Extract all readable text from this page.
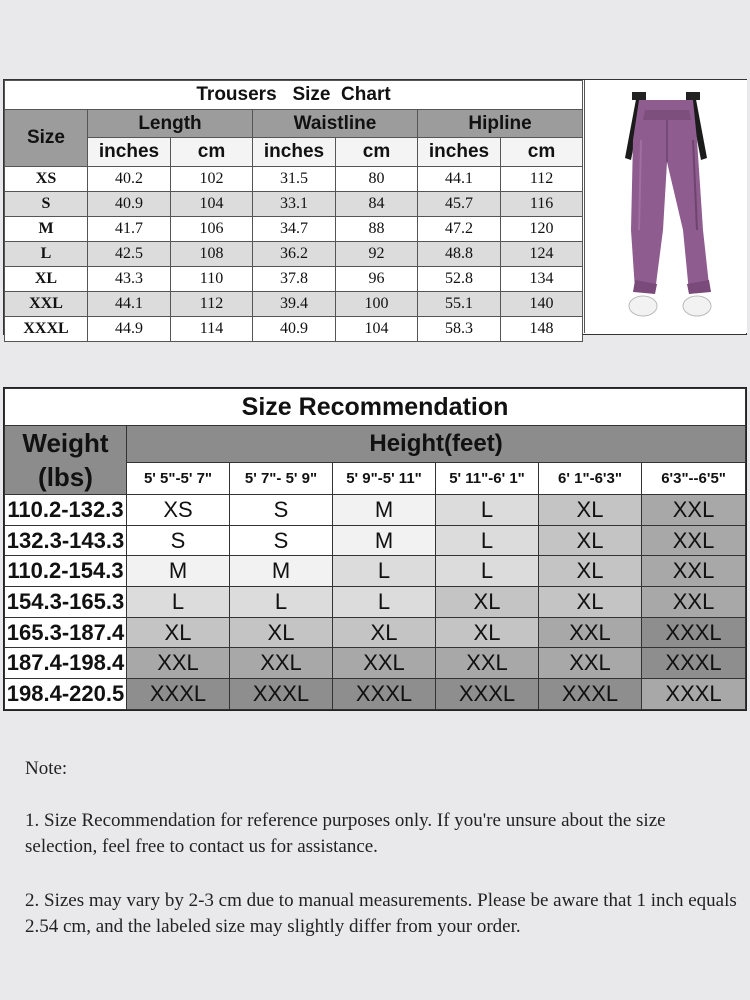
Trousers   Size  Chart						
Size	Length		Waistline		Hipline	
	inches	cm	inches	cm	inches	cm
XS	40.2	102	31.5	80	44.1	112
S	40.9	104	33.1	84	45.7	116
M	41.7	106	34.7	88	47.2	120
L	42.5	108	36.2	92	48.8	124
XL	43.3	110	37.8	96	52.8	134
XXL	44.1	112	39.4	100	55.1	140
XXXL	44.9	114	40.9	104	58.3	148
Size Recommendation						

Weight
(lbs)	Height(feet)					
	5' 5"-5' 7"	5' 7"- 5' 9"	5' 9"-5' 11"	5' 11"-6' 1"	6' 1"-6'3"	6'3"--6'5"
110.2-132.3	XS	S	M	L	XL	XXL
132.3-143.3	S	S	M	L	XL	XXL
110.2-154.3	M	M	L	L	XL	XXL
154.3-165.3	L	L	L	XL	XL	XXL
165.3-187.4	XL	XL	XL	XL	XXL	XXXL
187.4-198.4	XXL	XXL	XXL	XXL	XXL	XXXL
198.4-220.5	XXXL	XXXL	XXXL	XXXL	XXXL	XXXL
Note:
1. Size Recommendation for reference purposes only. If you're unsure about the size selection, feel free to contact us for assistance.
2. Sizes may vary by 2-3 cm due to manual measurements. Please be aware that 1 inch equals 2.54 cm, and the labeled size may slightly differ from your order.
